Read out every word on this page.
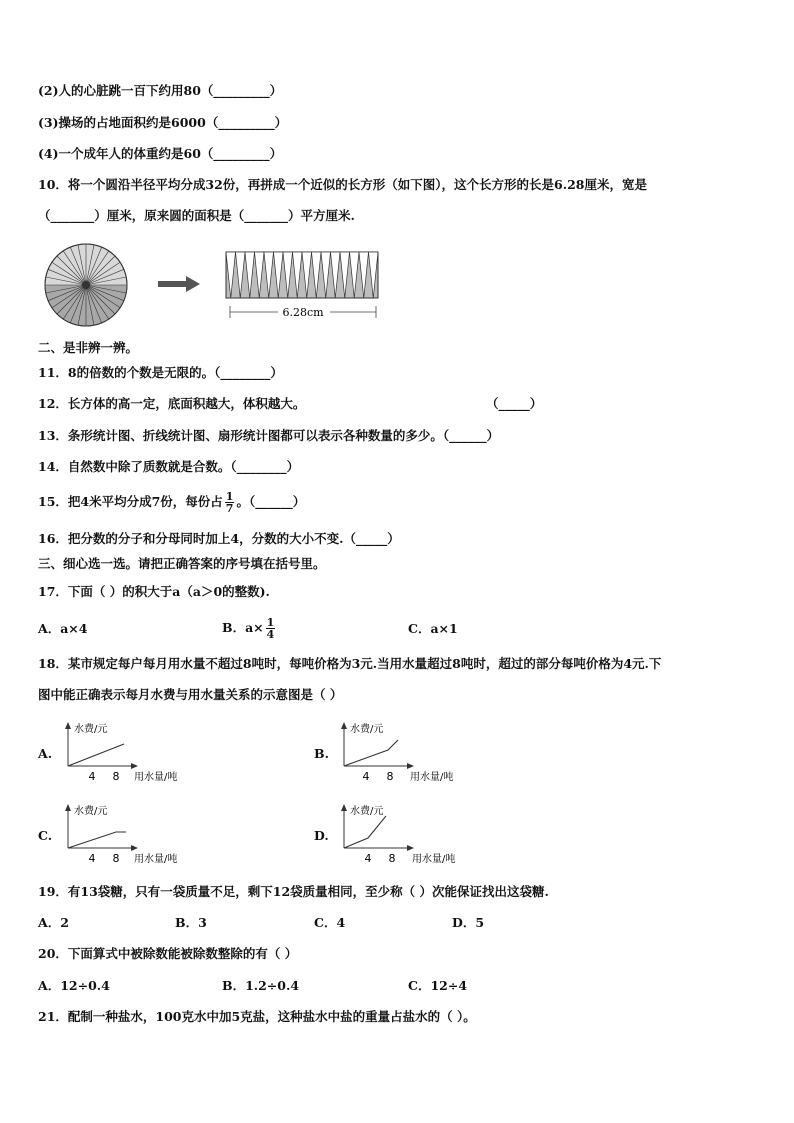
(2)人的心脏跳一百下约用80（_________）
(3)操场的占地面积约是6000（_________）
(4)一个成年人的体重约是60（_________）
10．将一个圆沿半径平均分成32份，再拼成一个近似的长方形（如下图），这个长方形的长是6.28厘米，宽是
（_______）厘米，原来圆的面积是（_______）平方厘米.
6.28cm
二、是非辨一辨。
11．8的倍数的个数是无限的。（________）
12．长方体的高一定，底面积越大，体积越大。	（_____）
13．条形统计图、折线统计图、扇形统计图都可以表示各种数量的多少。（______）
14．自然数中除了质数就是合数。（________）
15．把4米平均分成7份，每份占 $\frac{1}{7}$ 。（______）
16．把分数的分子和分母同时加上4，分数的大小不变.（_____）
三、细心选一选。请把正确答案的序号填在括号里。
17．下面（ ）的积大于a（a＞0的整数).
A．a×4	B．$a\times \frac{1}{4}$	C．a×1
18．某市规定每户每月用水量不超过8吨时，每吨价格为3元.当用水量超过8吨时，超过的部分每吨价格为4元.下
图中能正确表示每月水费与用水量关系的示意图是（ ）
A.
水费/元
4 8 用水量/吨
B.
水费/元
4 8 用水量/吨
C.
水费/元
4 8 用水量/吨
D.
水费/元
4 8 用水量/吨
19．有13袋糖，只有一袋质量不足，剩下12袋质量相同，至少称（ ）次能保证找出这袋糖.
A．2	B．3	C．4	D．5
20．下面算式中被除数能被除数整除的有（ ）
A．12÷0.4	B．1.2÷0.4	C．12÷4
21．配制一种盐水，100克水中加5克盐，这种盐水中盐的重量占盐水的（ ）。
